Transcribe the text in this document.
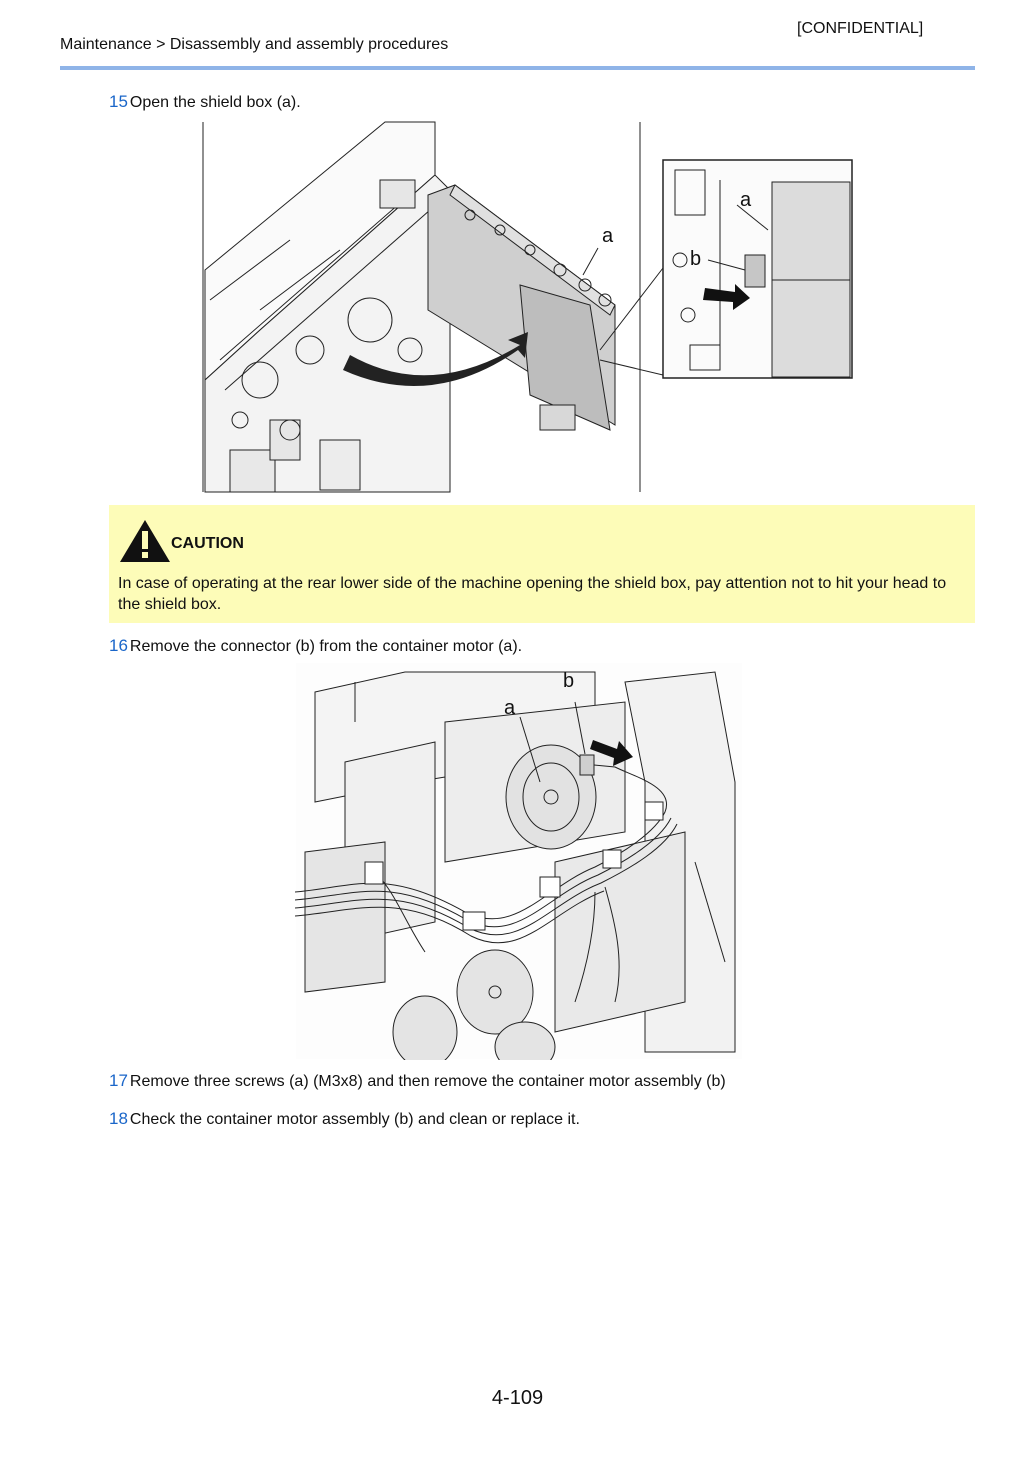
[CONFIDENTIAL]
Maintenance > Disassembly and assembly procedures
15 Open the shield box (a).
a
a
b
CAUTION
In case of operating at the rear lower side of the machine opening the shield box, pay attention not to hit your head to the shield box.
16 Remove the connector (b) from the container motor (a).
b
a
17 Remove three screws (a) (M3x8) and then remove the container motor assembly (b)
18 Check the container motor assembly (b) and clean or replace it.
4-109
